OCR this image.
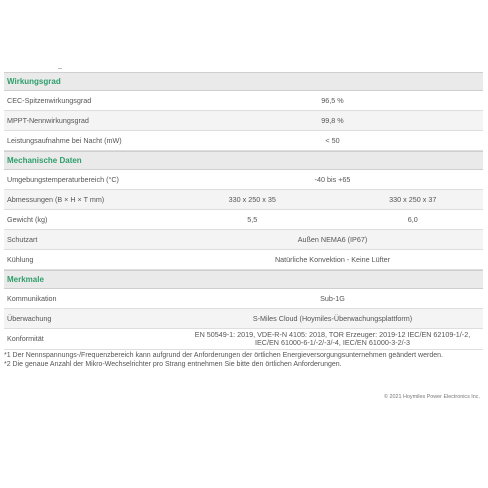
Wirkungsgrad
CEC-Spitzenwirkungsgrad	96,5 %
MPPT-Nennwirkungsgrad	99,8 %
Leistungsaufnahme bei Nacht (mW)	< 50
Mechanische Daten
Umgebungstemperaturbereich (°C)	-40 bis +65
Abmessungen (B × H × T mm)	330 x 250 x 35	330 x 250 x 37
Gewicht (kg)	5,5	6,0
Schutzart	Außen NEMA6 (IP67)
Kühlung	Natürliche Konvektion - Keine Lüfter
Merkmale
Kommunikation	Sub-1G
Überwachung	S-Miles Cloud (Hoymiles-Überwachungsplattform)
Konformität	EN 50549-1: 2019, VDE-R-N 4105: 2018, TOR Erzeuger: 2019-12 IEC/EN 62109-1/-2,
IEC/EN 61000-6-1/-2/-3/-4, IEC/EN 61000-3-2/-3
*1 Der Nennspannungs-/Frequenzbereich kann aufgrund der Anforderungen der örtlichen Energieversorgungsunternehmen geändert werden.
*2 Die genaue Anzahl der Mikro-Wechselrichter pro Strang entnehmen Sie bitte den örtlichen Anforderungen.
© 2021 Hoymiles Power Electronics Inc.
